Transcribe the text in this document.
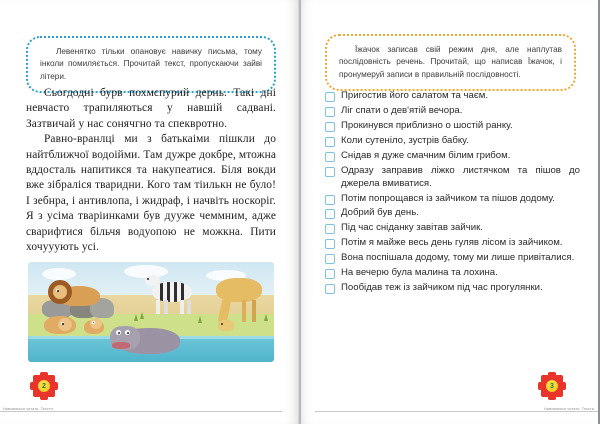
Левенятко тільки опановує навичку письма, тому інколи помиляється. Прочитай текст, пропускаючи зайві літери.

Сьогдодні бурв похмспурий дернь. Такі дні невчасто трапиляються у навшій садвані. Зазтвичай у нас сонячгно та спеквротно.

Равно-вранлці ми з батькаіми пішкли до найтближчої водоійми. Там дужре докбре, мтожна вддосталь напитикся та накупеатися. Біля вокди вже зібралiся тваридни. Кого там тіилькн не було! І зебнра, і антивлопа, і жидраф, і начвіть носкоріг. Я з усіма тваріинками був дууже чеммним, адже сварифтися бiльчя водуопою не можкна. Пити хочууують усі.

2
Навчаємося читати. Тексти

Їжачок записав свій режим дня, але наплутав послідовність речень. Прочитай, що написав Їжачок, і пронумеруй записи в правильній послідовності.

Пригостив його салатом та чаєм.
Ліг спати о дев'ятій вечора.
Прокинувся приблизно о шостій ранку.
Коли сутеніло, зустрів бабку.
Снідав я дуже смачним білим грибом.
Одразу заправив ліжко листячком та пішов до джерела вмиватися.
Потім попрощався із зайчиком та пішов додому.
Добрий був день.
Під час сніданку завітав зайчик.
Потім я майже весь день гуляв лісом із зайчиком.
Вона поспішала додому, тому ми лише привіталися.
На вечерю була малина та лохина.
Пообідав теж із зайчиком під час прогулянки.
3
Навчаємося читати. Тексти
